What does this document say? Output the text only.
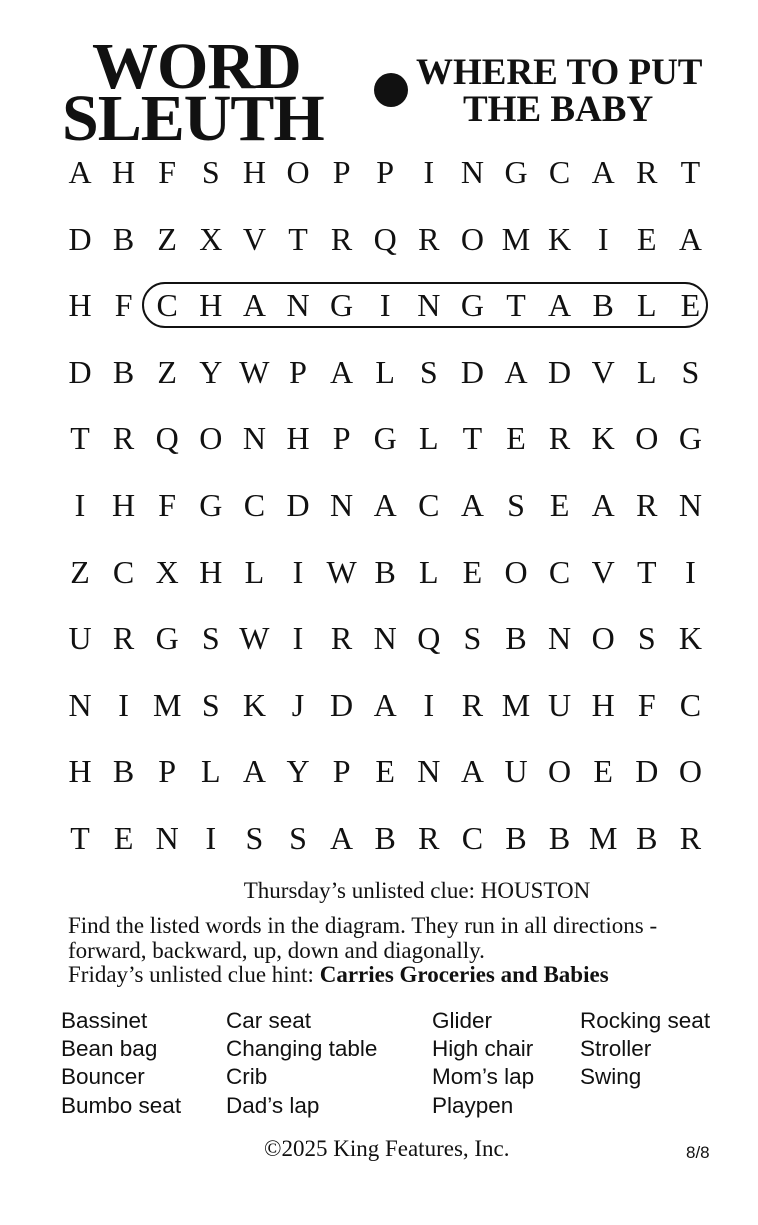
WORD
SLEUTH
WHERE TO PUT
THE BABY
A H F S H O P P I N G C A R T
D B Z X V T R Q R O M K I E A
H F C H A N G I N G T A B L E
D B Z Y W P A L S D A D V L S
T R Q O N H P G L T E R K O G
I H F G C D N A C A S E A R N
Z C X H L I W B L E O C V T I
U R G S W I R N Q S B N O S K
N I M S K J D A I R M U H F C
H B P L A Y P E N A U O E D O
T E N I S S A B R C B B M B R
Thursday’s unlisted clue: HOUSTON
Find the listed words in the diagram. They run in all directions -
forward, backward, up, down and diagonally.
Friday’s unlisted clue hint: Carries Groceries and Babies
Bassinet
Bean bag
Bouncer
Bumbo seat
Car seat
Changing table
Crib
Dad’s lap
Glider
High chair
Mom’s lap
Playpen
Rocking seat
Stroller
Swing
©2025 King Features, Inc.	8/8
